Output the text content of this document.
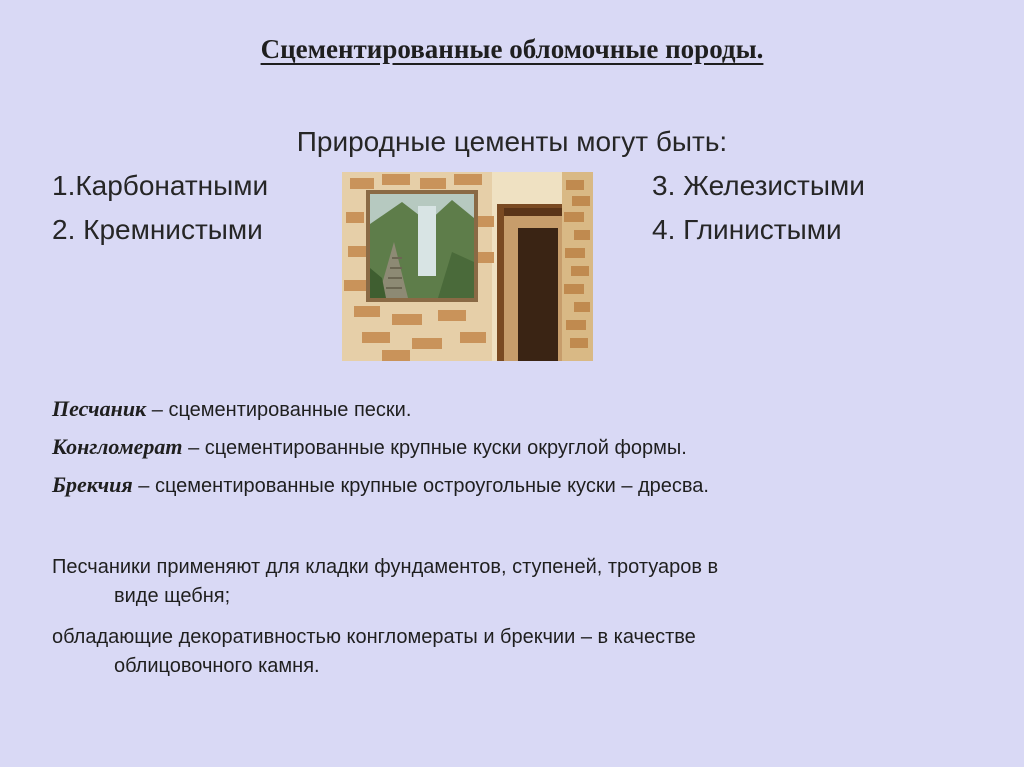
Сцементированные обломочные породы.
Природные цементы могут быть:
1.Карбонатными
2. Кремнистыми
3. Железистыми
4. Глинистыми
Песчаник – сцементированные пески.
Конгломерат – сцементированные крупные куски округлой формы.
Брекчия – сцементированные крупные остроугольные куски – дресва.
Песчаники применяют для кладки фундаментов, ступеней, тротуаров в
виде щебня;
обладающие декоративностью конгломераты и брекчии – в качестве
облицовочного камня.
